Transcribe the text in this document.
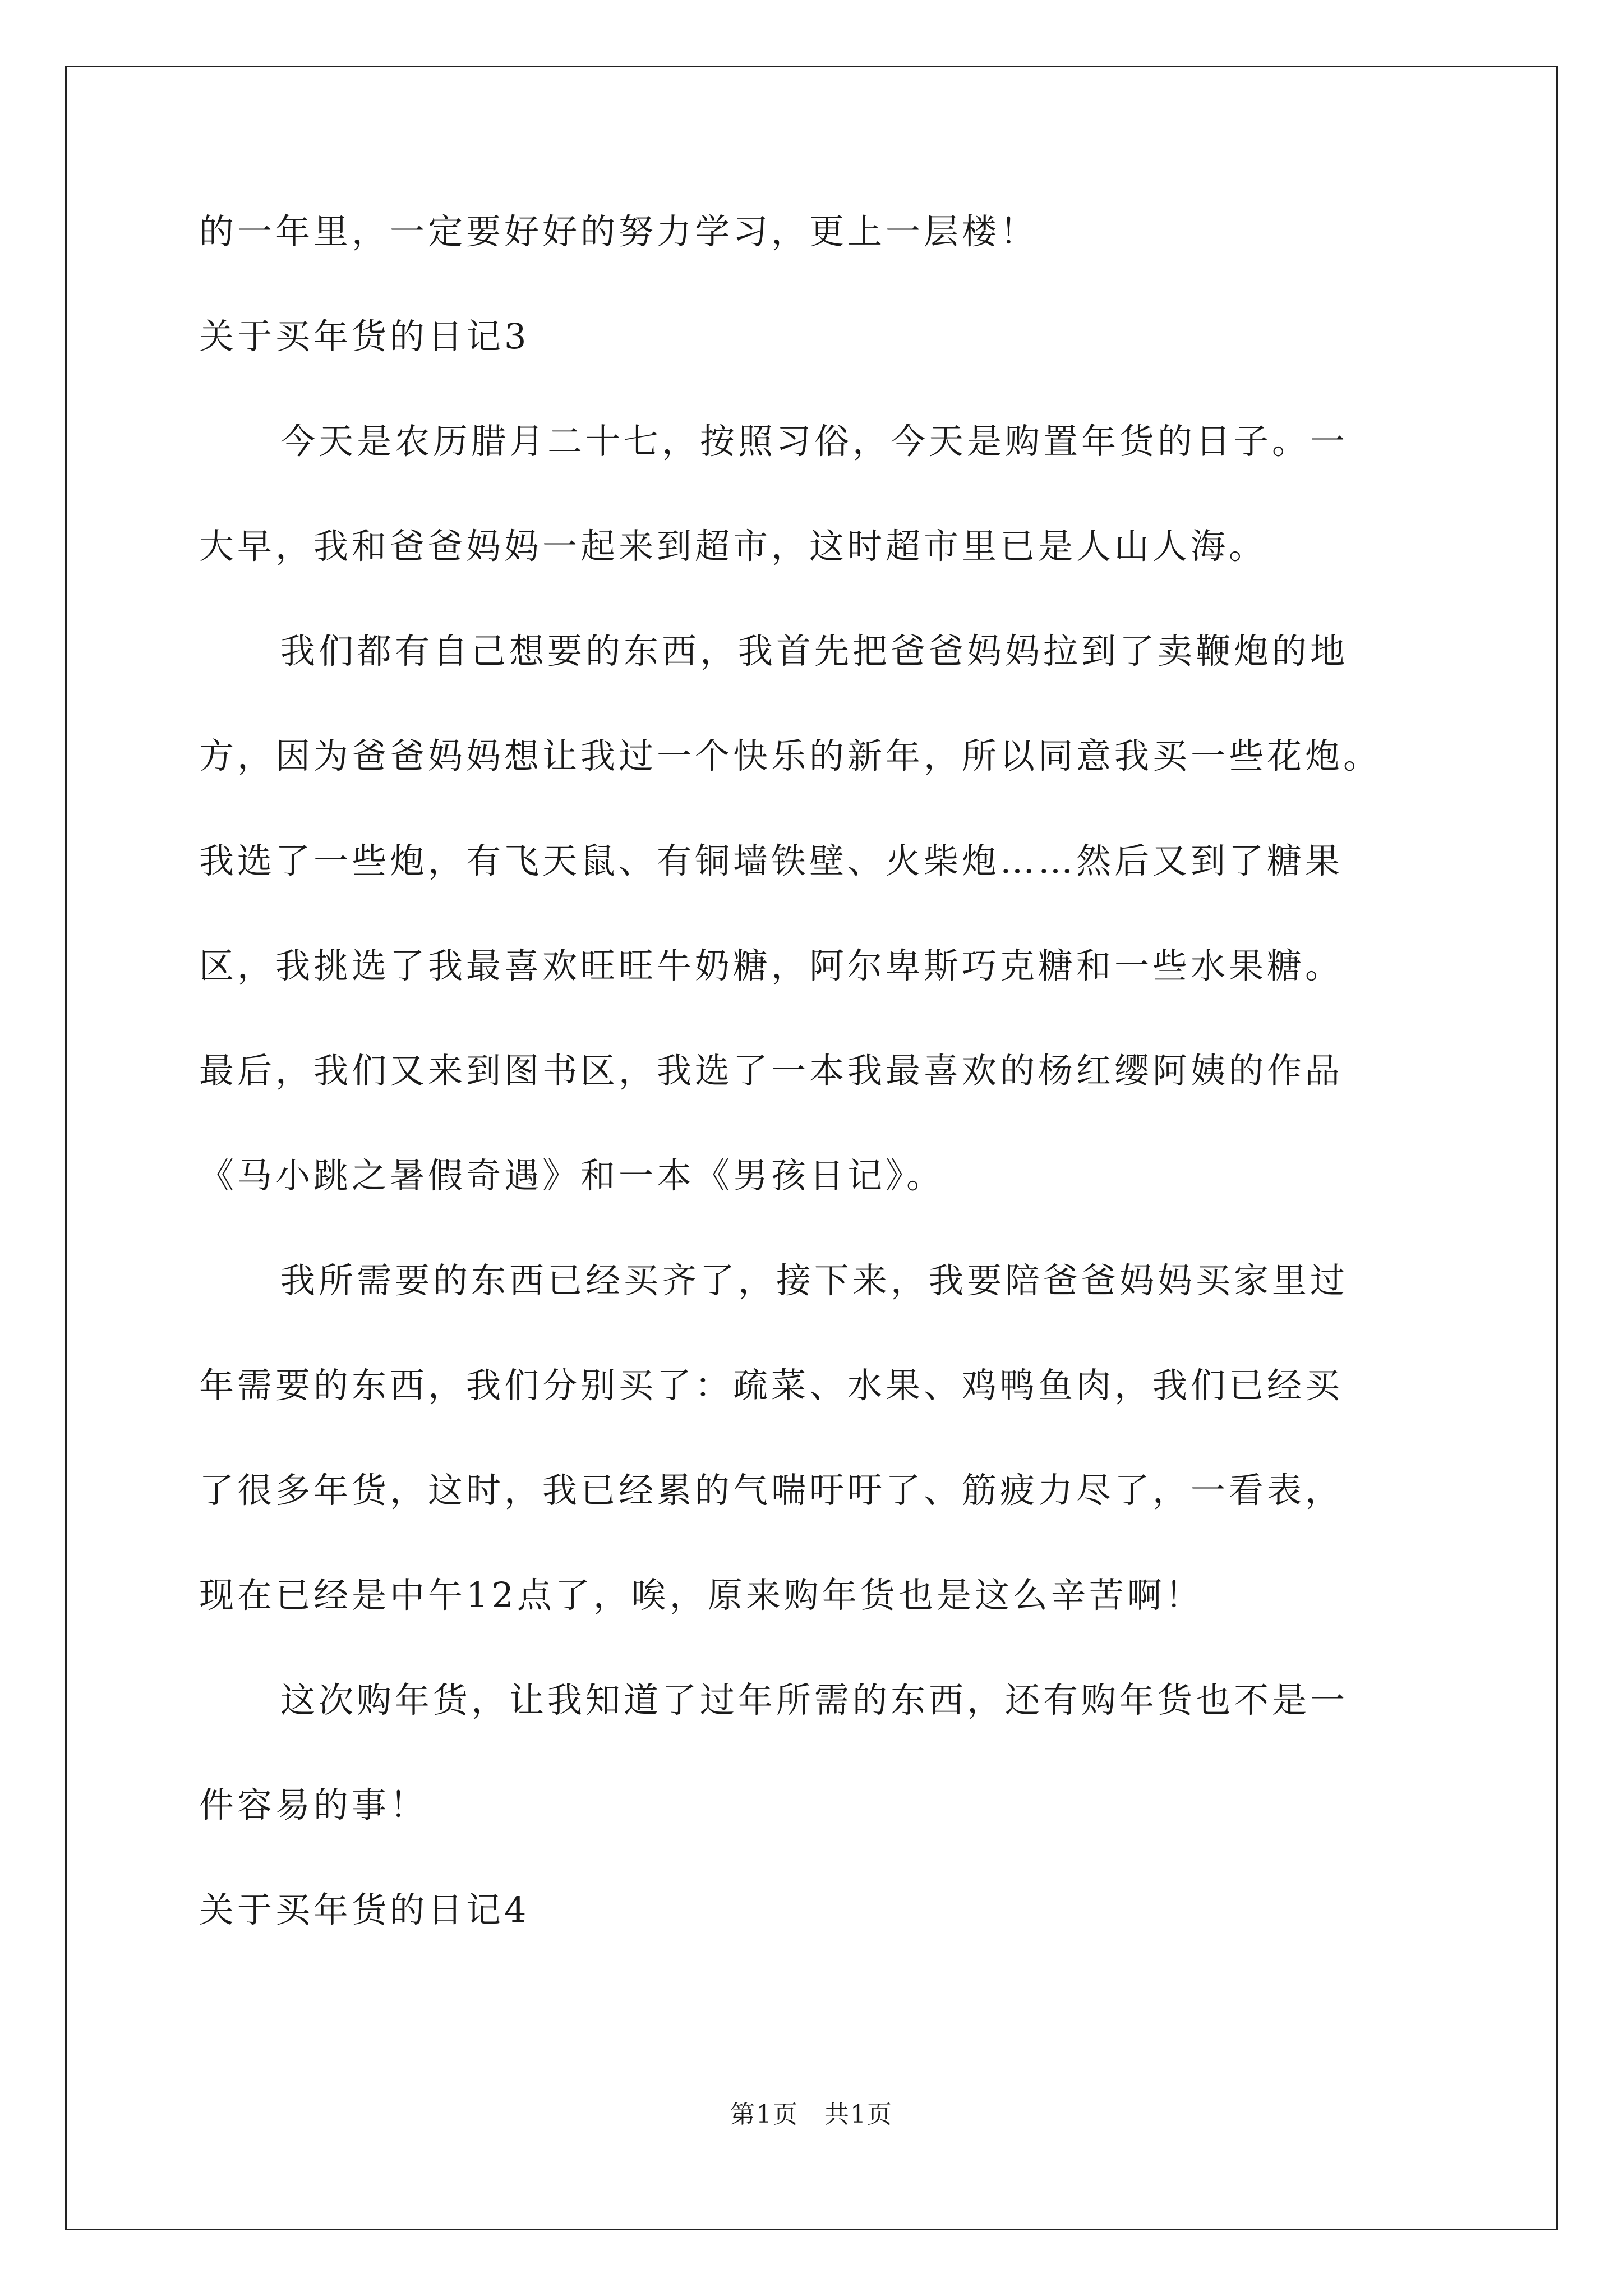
的一年里，一定要好好的努力学习，更上一层楼！
关于买年货的日记3
今天是农历腊月二十七，按照习俗，今天是购置年货的日子。一
大早，我和爸爸妈妈一起来到超市，这时超市里已是人山人海。
我们都有自己想要的东西，我首先把爸爸妈妈拉到了卖鞭炮的地
方，因为爸爸妈妈想让我过一个快乐的新年，所以同意我买一些花炮。
我选了一些炮，有飞天鼠、有铜墙铁壁、火柴炮……然后又到了糖果
区，我挑选了我最喜欢旺旺牛奶糖，阿尔卑斯巧克糖和一些水果糖。
最后，我们又来到图书区，我选了一本我最喜欢的杨红缨阿姨的作品
《马小跳之暑假奇遇》和一本《男孩日记》。
我所需要的东西已经买齐了，接下来，我要陪爸爸妈妈买家里过
年需要的东西，我们分别买了：疏菜、水果、鸡鸭鱼肉，我们已经买
了很多年货，这时，我已经累的气喘吁吁了、筋疲力尽了，一看表，
现在已经是中午12点了，唉，原来购年货也是这么辛苦啊！
这次购年货，让我知道了过年所需的东西，还有购年货也不是一
件容易的事！
关于买年货的日记4
第1页　共1页
